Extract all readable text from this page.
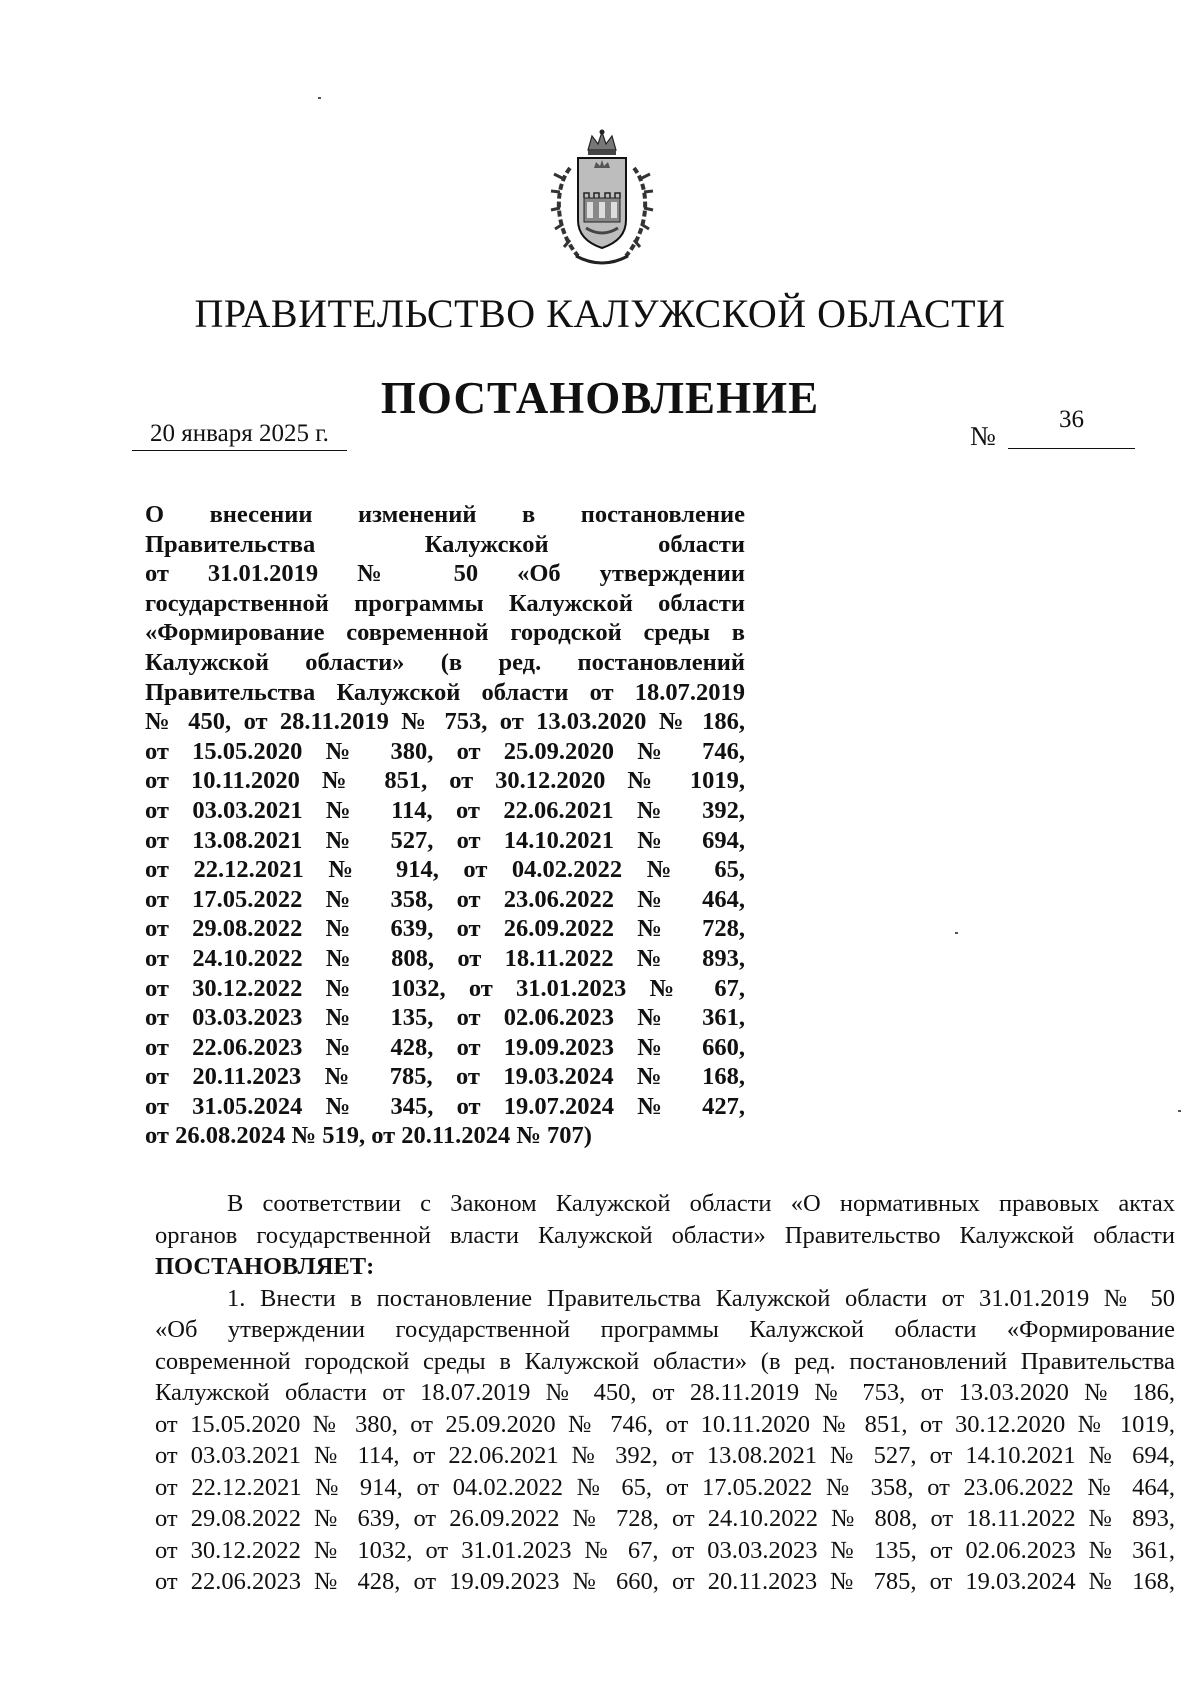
ПРАВИТЕЛЬСТВО КАЛУЖСКОЙ ОБЛАСТИ
ПОСТАНОВЛЕНИЕ
20 января 2025 г.	№
36
О внесении изменений в постановление
Правительства Калужской области
от 31.01.2019 № 50 «Об утверждении
государственной программы Калужской области
«Формирование современной городской среды в
Калужской области» (в ред. постановлений
Правительства Калужской области от 18.07.2019
№ 450, от 28.11.2019 № 753, от 13.03.2020 № 186,
от 15.05.2020 № 380, от 25.09.2020 № 746,
от 10.11.2020 № 851, от 30.12.2020 № 1019,
от 03.03.2021 № 114, от 22.06.2021 № 392,
от 13.08.2021 № 527, от 14.10.2021 № 694,
от 22.12.2021 № 914, от 04.02.2022 № 65,
от 17.05.2022 № 358, от 23.06.2022 № 464,
от 29.08.2022 № 639, от 26.09.2022 № 728,
от 24.10.2022 № 808, от 18.11.2022 № 893,
от 30.12.2022 № 1032, от 31.01.2023 № 67,
от 03.03.2023 № 135, от 02.06.2023 № 361,
от 22.06.2023 № 428, от 19.09.2023 № 660,
от 20.11.2023 № 785, от 19.03.2024 № 168,
от 31.05.2024 № 345, от 19.07.2024 № 427,
от 26.08.2024 № 519, от 20.11.2024 № 707)
В соответствии с Законом Калужской области «О нормативных правовых актах
органов государственной власти Калужской области» Правительство Калужской области
ПОСТАНОВЛЯЕТ:
1. Внести в постановление Правительства Калужской области от 31.01.2019 № 50
«Об утверждении государственной программы Калужской области «Формирование
современной городской среды в Калужской области» (в ред. постановлений Правительства
Калужской области от 18.07.2019 № 450, от 28.11.2019 № 753, от 13.03.2020 № 186,
от 15.05.2020 № 380, от 25.09.2020 № 746, от 10.11.2020 № 851, от 30.12.2020 № 1019,
от 03.03.2021 № 114, от 22.06.2021 № 392, от 13.08.2021 № 527, от 14.10.2021 № 694,
от 22.12.2021 № 914, от 04.02.2022 № 65, от 17.05.2022 № 358, от 23.06.2022 № 464,
от 29.08.2022 № 639, от 26.09.2022 № 728, от 24.10.2022 № 808, от 18.11.2022 № 893,
от 30.12.2022 № 1032, от 31.01.2023 № 67, от 03.03.2023 № 135, от 02.06.2023 № 361,
от 22.06.2023 № 428, от 19.09.2023 № 660, от 20.11.2023 № 785, от 19.03.2024 № 168,
